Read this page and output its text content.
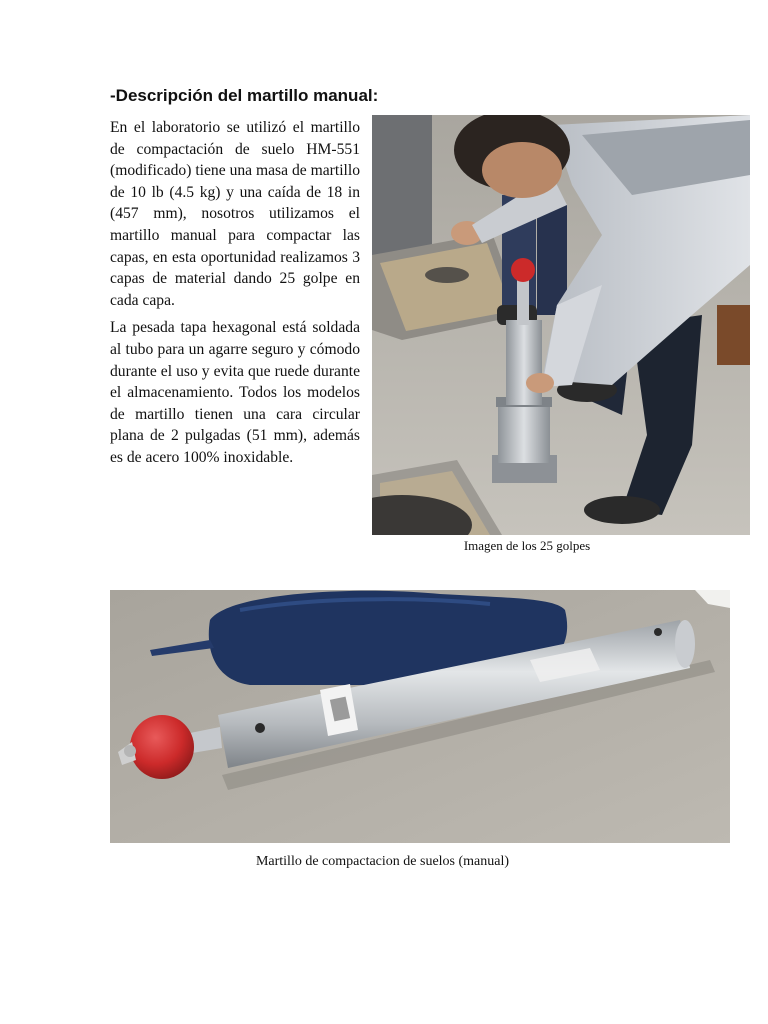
-Descripción del martillo manual:

En el laboratorio se utilizó el martillo de compactación de suelo HM-551 (modificado) tiene una masa de martillo de 10 lb (4.5 kg) y una caída de 18 in (457 mm), nosotros utilizamos el martillo manual para compactar las capas, en esta oportunidad realizamos 3 capas de material dando 25 golpe en cada capa.

La pesada tapa hexagonal está soldada al tubo para un agarre seguro y cómodo durante el uso y evita que ruede durante el almacenamiento. Todos los modelos de martillo tienen una cara circular plana de 2 pulgadas (51 mm), además es de acero 100% inoxidable.

Imagen de los 25 golpes
Martillo de compactacion de suelos (manual)
